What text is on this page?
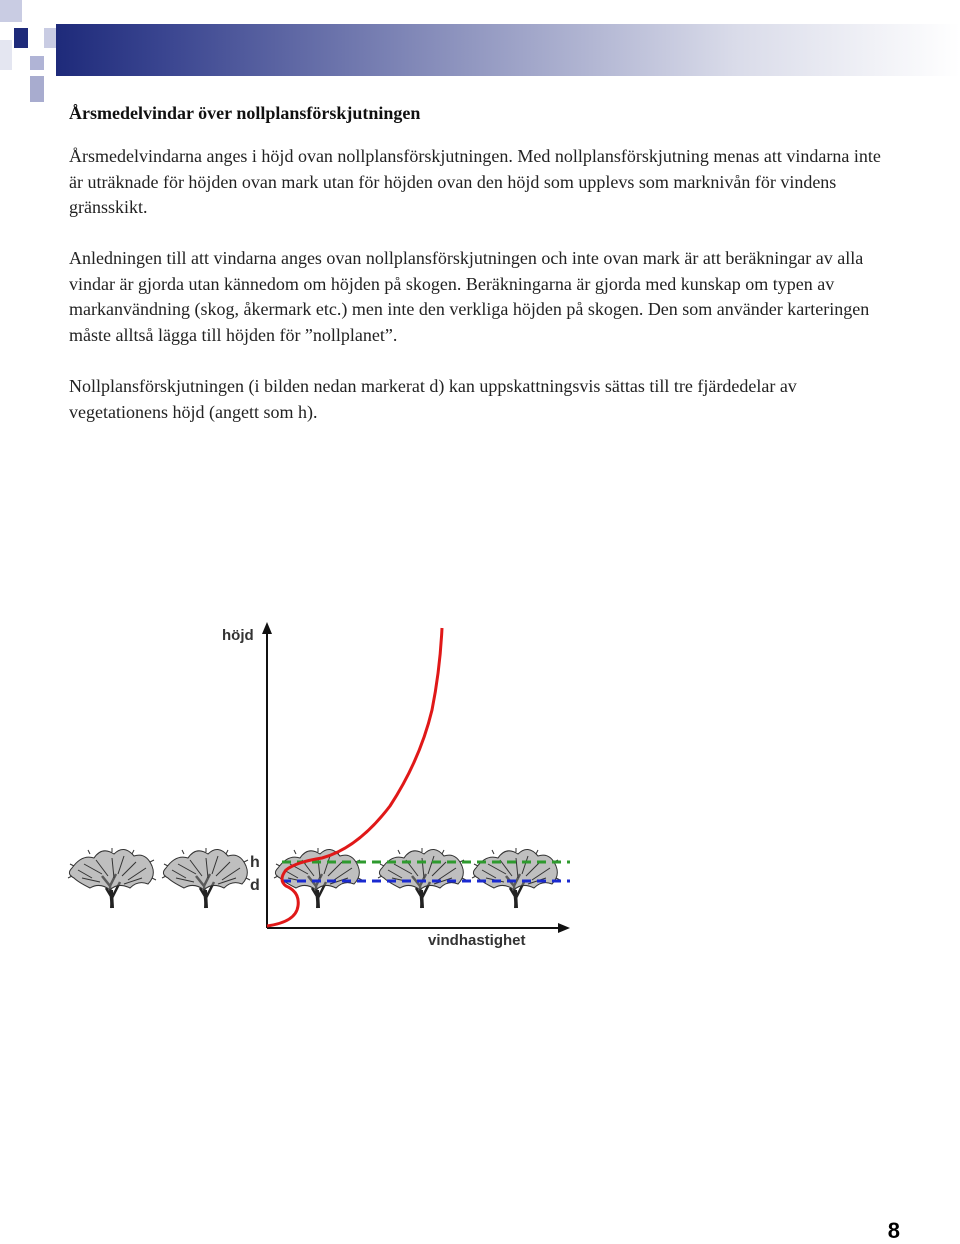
Årsmedelvindar över nollplansförskjutningen

Årsmedelvindarna anges i höjd ovan nollplansförskjutningen. Med nollplansförskjutning menas att vindarna inte är uträknade för höjden ovan mark utan för höjden ovan den höjd som upplevs som marknivån för vindens gränsskikt.

Anledningen till att vindarna anges ovan nollplansförskjutningen och inte ovan mark är att beräkningar av alla vindar är gjorda utan kännedom om höjden på skogen. Beräkningarna är gjorda med kunskap om typen av markanvändning (skog, åkermark etc.) men inte den verkliga höjden på skogen. Den som använder karteringen måste alltså lägga till höjden för ”nollplanet”.

Nollplansförskjutningen (i bilden nedan markerat d) kan uppskattningsvis sättas till tre fjärdedelar av vegetationens höjd (angett som h).

höjd
h
d
vindhastighet
8
